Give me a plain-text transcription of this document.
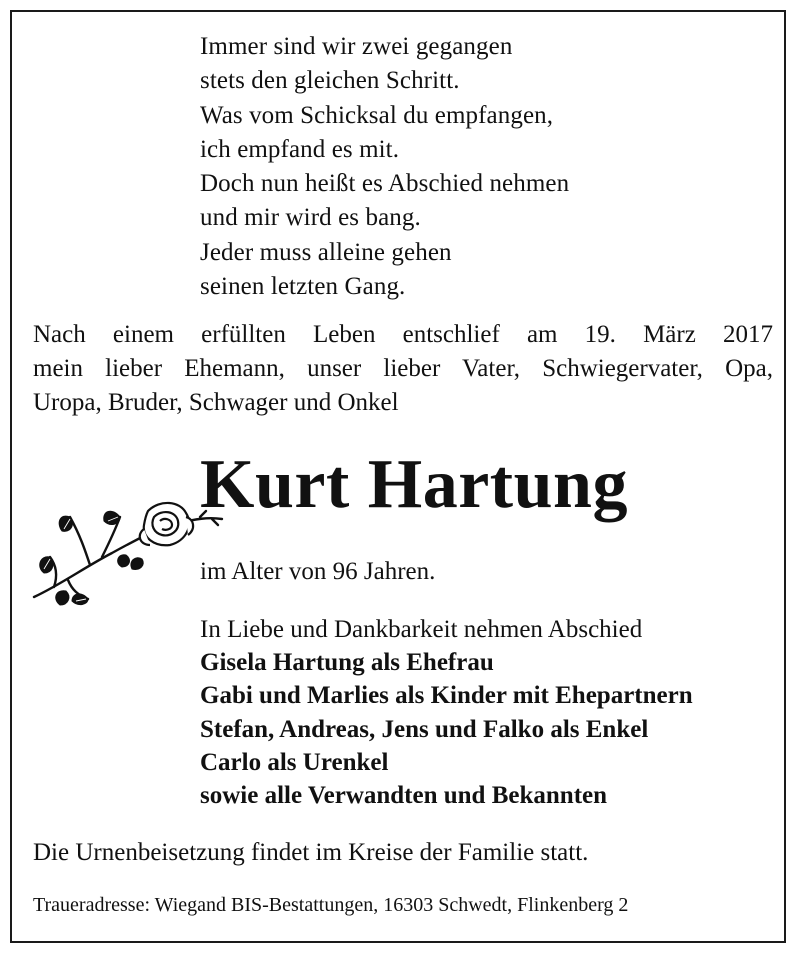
Immer sind wir zwei gegangen
stets den gleichen Schritt.
Was vom Schicksal du empfangen,
ich empfand es mit.
Doch nun heißt es Abschied nehmen
und mir wird es bang.
Jeder muss alleine gehen
seinen letzten Gang.
Nach einem erfüllten Leben entschlief am 19. März 2017
mein lieber Ehemann, unser lieber Vater, Schwiegervater, Opa,
Uropa, Bruder, Schwager und Onkel
Kurt Hartung
im Alter von 96 Jahren.
In Liebe und Dankbarkeit nehmen Abschied
Gisela Hartung als Ehefrau
Gabi und Marlies als Kinder mit Ehepartnern
Stefan, Andreas, Jens und Falko als Enkel
Carlo als Urenkel
sowie alle Verwandten und Bekannten
Die Urnenbeisetzung findet im Kreise der Familie statt.
Traueradresse: Wiegand BIS-Bestattungen, 16303 Schwedt, Flinkenberg 2
